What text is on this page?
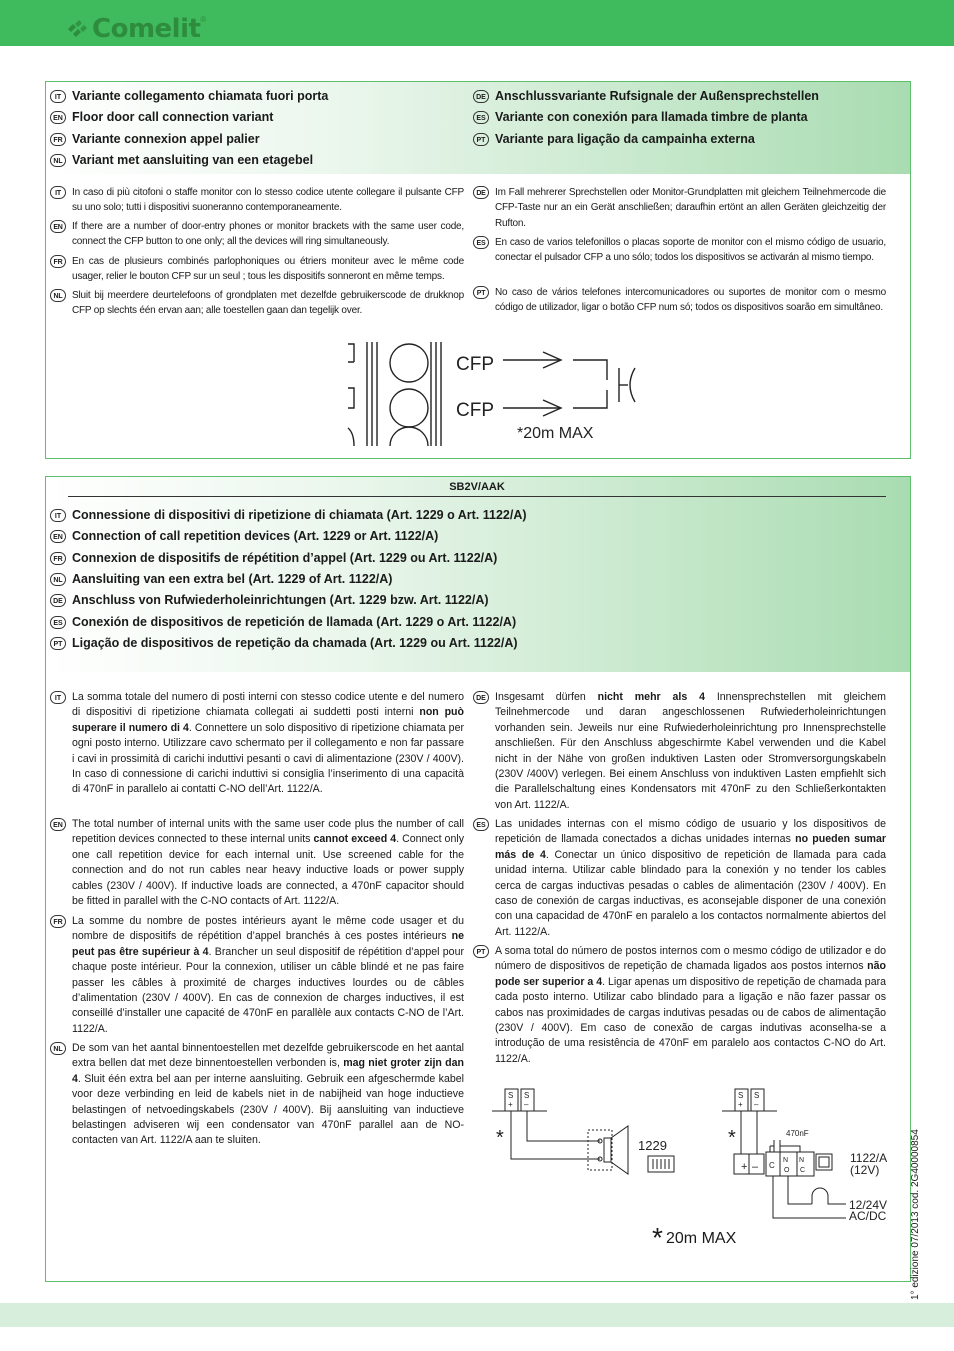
Comelit ®
IT Variante collegamento chiamata fuori porta
EN Floor door call connection variant
FR Variante connexion appel palier
NL Variant met aansluiting van een etagebel
DE Anschlussvariante Rufsignale der Außensprechstellen
ES Variante con conexión para llamada timbre de planta
PT Variante para ligação da campainha externa
IT	In caso di più citofoni o staffe monitor con lo stesso codice utente collegare il pulsante CFP su uno solo; tutti i dispositivi suoneranno contemporaneamente.
EN If there are a number of door-entry phones or monitor brackets with the same user code, connect the CFP button to one only; all the devices will ring simultaneously.
FR En cas de plusieurs combinés parlophoniques ou étriers moniteur avec le même code usager, relier le bouton CFP sur un seul ; tous les dispositifs sonneront en même temps.
NL Sluit bij meerdere deurtelefoons of grondplaten met dezelfde gebruikerscode de drukknop CFP op slechts één ervan aan; alle toestellen gaan dan tegelijk over.
DE Im Fall mehrerer Sprechstellen oder Monitor-Grundplatten mit gleichem Teilnehmercode die CFP-Taste nur an ein Gerät anschließen; daraufhin ertönt an allen Geräten gleichzeitig der Rufton.
ES En caso de varios telefonillos o placas soporte de monitor con el mismo código de usuario, conectar el pulsador CFP a uno sólo; todos los dispositivos se activarán al mismo tiempo.
PT No caso de vários telefones intercomunicadores ou suportes de monitor com o mesmo código de utilizador, ligar o botão CFP num só; todos os dispositivos soarão em simultâneo.
CFP
CFP
*20m MAX
SB2V/AAK
IT Connessione di dispositivi di ripetizione di chiamata (Art. 1229 o Art. 1122/A)
EN Connection of call repetition devices (Art. 1229 or Art. 1122/A)
FR Connexion de dispositifs de répétition d’appel (Art. 1229 ou Art. 1122/A)
NL Aansluiting van een extra bel (Art. 1229 of Art. 1122/A)
DE Anschluss von Rufwiederholeinrichtungen (Art. 1229 bzw. Art. 1122/A)
ES Conexión de dispositivos de repetición de llamada (Art. 1229 o Art. 1122/A)
PT Ligação de dispositivos de repetição da chamada (Art. 1229 ou Art. 1122/A)
IT	La somma totale del numero di posti interni con stesso codice utente e del numero di dispositivi di ripetizione chiamata collegati ai suddetti posti interni non può superare il numero di 4. Connettere un solo dispositivo di ripetizione chiamata per ogni posto interno. Utilizzare cavo schermato per il collegamento e non far passare i cavi in prossimità di carichi induttivi pesanti o cavi di alimentazione (230V / 400V). In caso di connessione di carichi induttivi si consiglia l’inserimento di una capacità di 470nF in parallelo ai contatti C-NO dell’Art. 1122/A.
EN The total number of internal units with the same user code plus the number of call repetition devices connected to these internal units cannot exceed 4. Connect only one call repetition device for each internal unit. Use screened cable for the connection and do not run cables near heavy inductive loads or power supply cables (230V / 400V). If inductive loads are connected, a 470nF capacitor should be fitted in parallel with the C-NO contacts of Art. 1122/A.
FR La somme du nombre de postes intérieurs ayant le même code usager et du nombre de dispositifs de répétition d’appel branchés à ces postes intérieurs ne peut pas être supérieur à 4. Brancher un seul dispositif de répétition d’appel pour chaque poste intérieur. Pour la connexion, utiliser un câble blindé et ne pas faire passer les câbles à proximité de charges inductives lourdes ou de câbles d’alimentation (230V / 400V). En cas de connexion de charges inductives, il est conseillé d’installer une capacité de 470nF en parallèle aux contacts C-NO de l’Art. 1122/A.
NL De som van het aantal binnentoestellen met dezelfde gebruikerscode en het aantal extra bellen dat met deze binnentoestellen verbonden is, mag niet groter zijn dan 4. Sluit één extra bel aan per interne aansluiting. Gebruik een afgeschermde kabel voor deze verbinding en leid de kabels niet in de nabijheid van hoge inductieve belastingen of netvoedingskabels (230V / 400V). Bij aansluiting van inductieve belastingen adviseren wij een condensator van 470nF parallel aan de NO-contacten van Art. 1122/A aan te sluiten.
DE Insgesamt dürfen nicht mehr als 4 Innensprechstellen mit gleichem Teilnehmercode und daran angeschlossenen Rufwiederholeinrichtungen vorhanden sein. Jeweils nur eine Rufwiederholeinrichtung pro Innensprechstelle anschließen. Für den Anschluss abgeschirmte Kabel verwenden und die Kabel nicht in der Nähe von großen induktiven Lasten oder Stromversorgungskabeln (230V /400V) verlegen. Bei einem Anschluss von induktiven Lasten empfiehlt sich die Parallelschaltung eines Kondensators mit 470nF zu den Schließerkontakten von Art. 1122/A.
ES Las unidades internas con el mismo código de usuario y los dispositivos de repetición de llamada conectados a dichas unidades internas no pueden sumar más de 4. Conectar un único dispositivo de repetición de llamada para cada unidad interna. Utilizar cable blindado para la conexión y no tender los cables cerca de cargas inductivas pesadas o cables de alimentación (230V / 400V). En caso de conexión de cargas inductivas, es aconsejable disponer de una conexión con una capacidad de 470nF en paralelo a los contactos normalmente abiertos del Art. 1122/A.
PT A soma total do número de postos internos com o mesmo código de utilizador e do número de dispositivos de repetição de chamada ligados aos postos internos não pode ser superior a 4. Ligar apenas um dispositivo de repetição de chamada para cada posto interno. Utilizar cabo blindado para a ligação e não fazer passar os cabos nas proximidades de cargas indutivas pesadas ou de cabos de alimentação (230V / 400V). Em caso de conexão de cargas indutivas aconselha-se a introdução de uma resistência de 470nF em paralelo aos contactos C-NO do Art. 1122/A.
S
+
S
–
*	1229
S
+
S
–
+ – C
N
O
N
C
470nF
*
1122/A
(12V)
12/24V
AC/DC
* 20m MAX	1° edizione 07/2013 cod. 2G40000854
